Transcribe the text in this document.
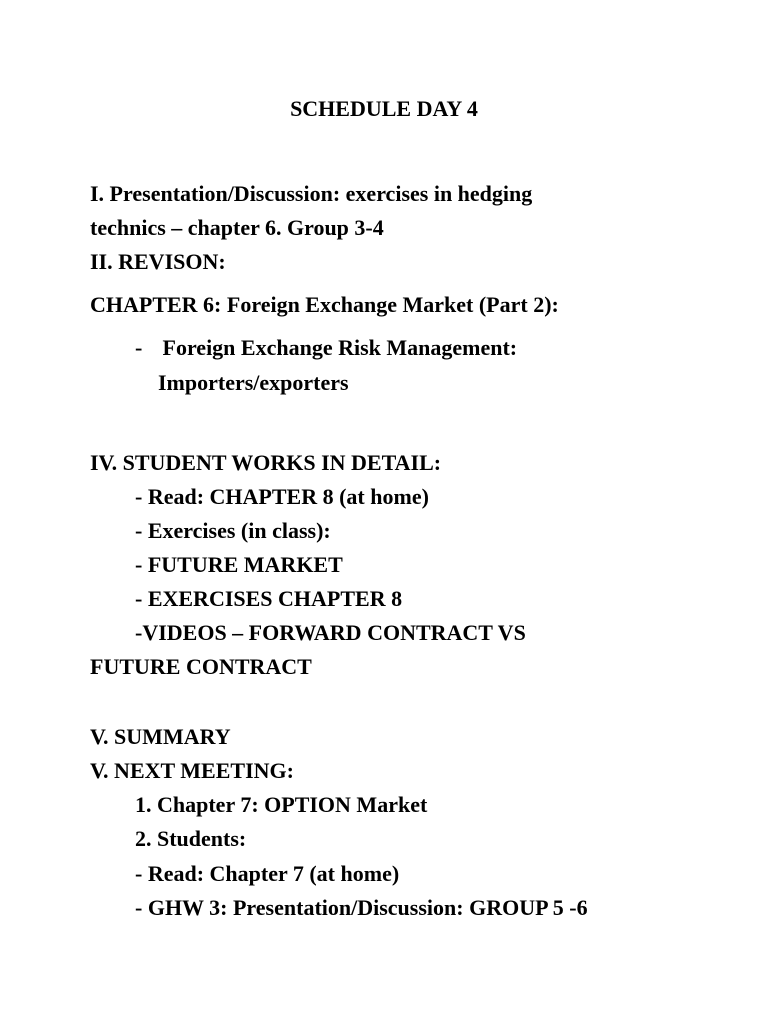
SCHEDULE DAY 4
I. Presentation/Discussion: exercises in hedging
technics – chapter 6. Group 3-4
II. REVISON:
CHAPTER 6: Foreign Exchange Market (Part 2):
- Foreign Exchange Risk Management:
Importers/exporters
IV. STUDENT WORKS IN DETAIL:
- Read: CHAPTER 8 (at home)
- Exercises (in class):
- FUTURE MARKET
- EXERCISES CHAPTER 8
-VIDEOS – FORWARD CONTRACT VS
FUTURE CONTRACT
V. SUMMARY
V. NEXT MEETING:
1. Chapter 7: OPTION Market
2. Students:
- Read: Chapter 7 (at home)
- GHW 3: Presentation/Discussion: GROUP 5 -6
